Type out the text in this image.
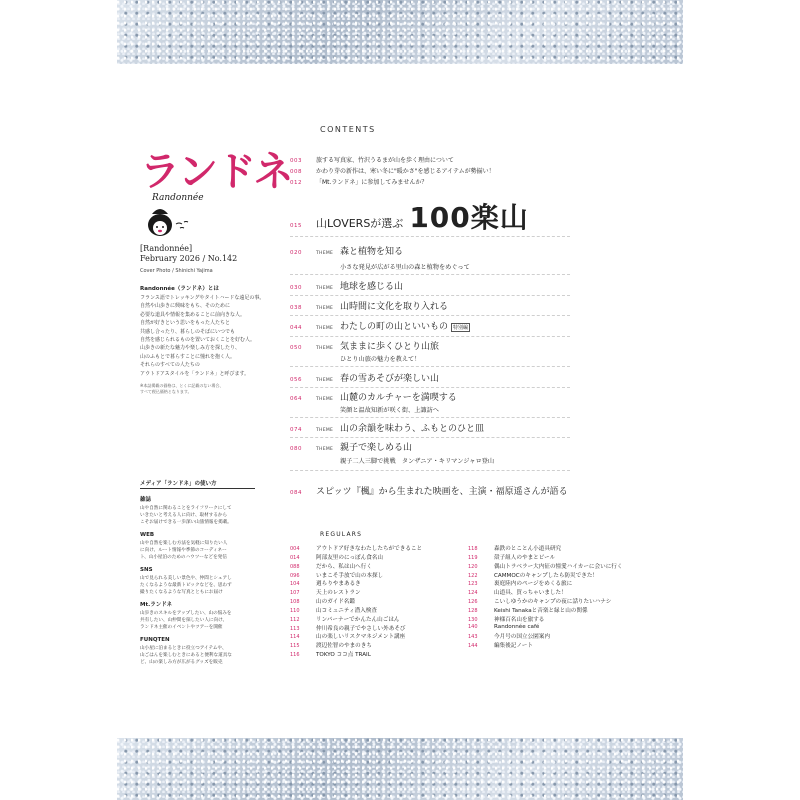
CONTENTS
ランドネ
Randonnée
[Randonnée]
February 2026 / No.142
Cover Photo / Shinichi Yajima
Randonnée（ランドネ）とは
フランス語でトレッキングやタイトハードな遠足の事。
自然や山歩きに興味をもち、そのために
必要な道具や情報を集めることに前向きな人。
自然が好きという思いをもった人たちと
共感し合ったり、暮らしのそばにいつでも
自然を感じられるものを置いておくことを好む人。
山歩きの新たな魅力や楽しみ方を探したり、
山のふもとで暮らすことに憧れを抱く人。
それらのすべての人たちの
アウトドアスタイルを「ランドネ」と呼びます。
※本誌掲載の価格は、とくに記載のない場合、
すべて税込価格となります。
メディア「ランドネ」の使い方
雑誌
山や自然に関わることをライフワークにして
いきたいと考える人に向け、取材するから
こそお届けできる一歩深い山旅情報を掲載。
WEB
山や自然を楽しむ方法を気軽に知りたい人
に向け、ルート情報や季節のコーディネー
ト、山小屋泊のためのハウツーなどを発信
SNS
山で見られる美しい景色や、仲間とシェアし
たくなるような最新トピックなどを、思わず
撮りたくなるような写真とともにお届け
Mt.ランドネ
山歩きのスキルをアップしたい、山の悩みを
共有したい、山仲間を探したい人に向け、
ランドネ主催のイベントやツアーを開催
FUNQTEN
山小屋に泊まるときに役立つアイテムや、
山ごはんを楽しむときにあると便利な道具な
ど、山の楽しみ方が広がるグッズを販売
003	旅する写真家、竹沢うるまが山を歩く理由について
008	かわり芽の新作は、寒い冬に"暖かさ"を感じるアイテムが勢揃い！
012	「Mt.ランドネ」に参加してみませんか？
015	山LOVERSが選ぶ 100楽山
020	THEME 森と植物を知る
小さな発見が広がる里山の森と植物をめぐって
030	THEME 地球を感じる山
038	THEME 山時間に文化を取り入れる
044	THEME わたしの町の山といいもの	特別編
050	THEME 気ままに歩くひとり山旅
ひとり山旅の魅力を教えて！
056	THEME 春の雪あそびが楽しい山
064	THEME 山麓のカルチャーを満喫する
笑顔と温故知新が咲く街、上諏訪へ
074	THEME 山の余韻を味わう、ふもとのひと皿
080	THEME 親子で楽しめる山
親子二人三脚で挑戦　タンザニア・キリマンジャロ登山
084	スピッツ『楓』から生まれた映画を、主演・福原遥さんが語る
REGULARS
004	アウトドア好きなわたしたちができること
014	阿部友里のにっぽん食名山
088	だから、私は山へ行く
096	いまこそ手放で山の本探し
104	週らりやまあるき
107	天上のレストラン
108	山のガイド名鑑
110	山コミュニティ潜入検査
112	リンパーナーでかんたん山ごはん
113	仲川希良の親子でやさしい外あそび
114	山の楽しいリスクマネジメント講座
115	渡辺佐智のやまのきち
116	TOKYO ココ点 TRAIL
118	森鉄のとことん小道具研究
119	殻子組人のやまとビール
120	偶山トラベラー大内征の憧愛ハイカーに会いに行く
122	CAMMOCのキャンプしたら防災できた！
123	裏庭陸内のページをめくる旅に
124	山道具、買っちゃいました！
126	こいしゆうかのキャンプの夜に話りたいハナシ
128	Keishi Tanakaと音楽と緑と山の関係
130	神様百名山を旅する
140	Randonnée café
143	今月号の国立公園案内
144	編集後記ノート
